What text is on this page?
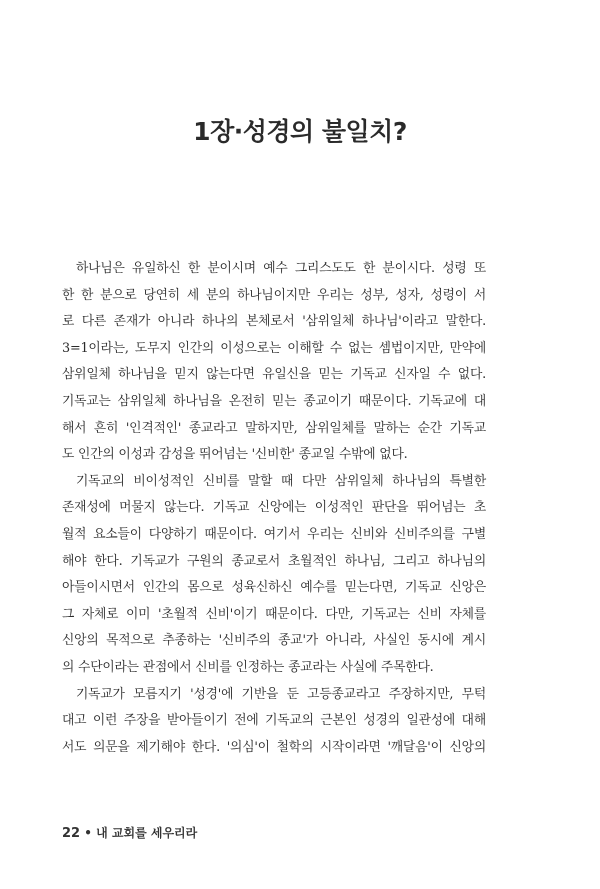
1장·성경의 불일치?
하나님은 유일하신 한 분이시며 예수 그리스도도 한 분이시다. 성령 또
한 한 분으로 당연히 세 분의 하나님이지만 우리는 성부, 성자, 성령이 서
로 다른 존재가 아니라 하나의 본체로서 '삼위일체 하나님'이라고 말한다.
3=1이라는, 도무지 인간의 이성으로는 이해할 수 없는 셈법이지만, 만약에
삼위일체 하나님을 믿지 않는다면 유일신을 믿는 기독교 신자일 수 없다.
기독교는 삼위일체 하나님을 온전히 믿는 종교이기 때문이다. 기독교에 대
해서 흔히 '인격적인' 종교라고 말하지만, 삼위일체를 말하는 순간 기독교
도 인간의 이성과 감성을 뛰어넘는 '신비한' 종교일 수밖에 없다.
기독교의 비이성적인 신비를 말할 때 다만 삼위일체 하나님의 특별한
존재성에 머물지 않는다. 기독교 신앙에는 이성적인 판단을 뛰어넘는 초
월적 요소들이 다양하기 때문이다. 여기서 우리는 신비와 신비주의를 구별
해야 한다. 기독교가 구원의 종교로서 초월적인 하나님, 그리고 하나님의
아들이시면서 인간의 몸으로 성육신하신 예수를 믿는다면, 기독교 신앙은
그 자체로 이미 '초월적 신비'이기 때문이다. 다만, 기독교는 신비 자체를
신앙의 목적으로 추종하는 '신비주의 종교'가 아니라, 사실인 동시에 계시
의 수단이라는 관점에서 신비를 인정하는 종교라는 사실에 주목한다.
기독교가 모름지기 '성경'에 기반을 둔 고등종교라고 주장하지만, 무턱
대고 이런 주장을 받아들이기 전에 기독교의 근본인 성경의 일관성에 대해
서도 의문을 제기해야 한다. '의심'이 철학의 시작이라면 '깨달음'이 신앙의
22 • 내 교회를 세우리라
